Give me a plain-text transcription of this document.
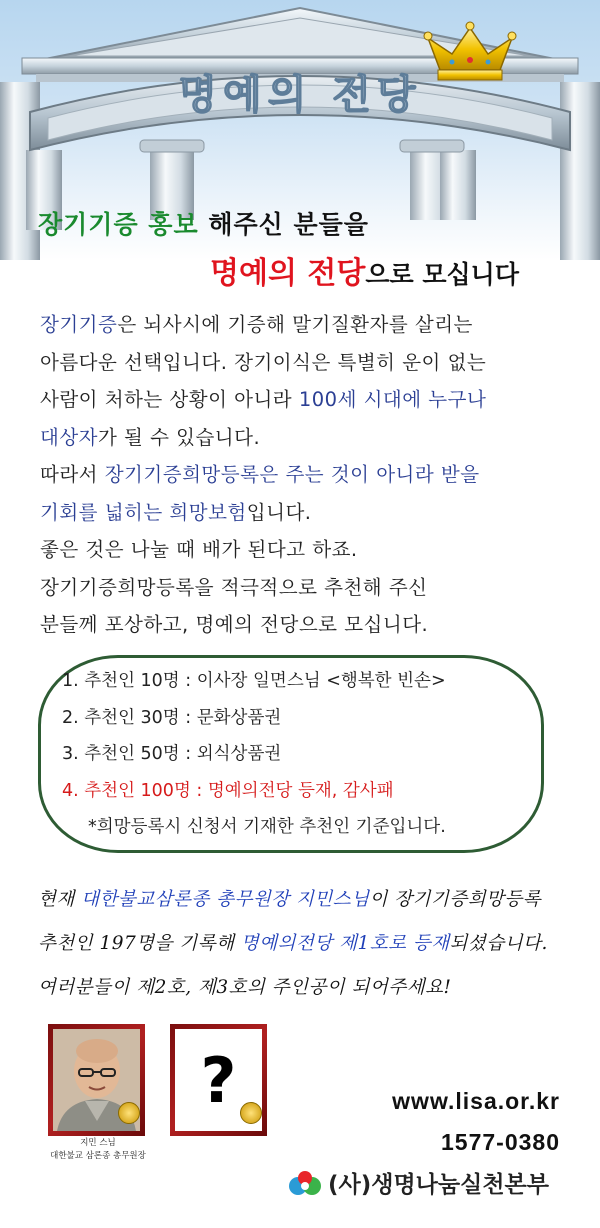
명예의 전당
장기기증 홍보 해주신 분들을
명예의 전당으로 모십니다
장기기증은 뇌사시에 기증해 말기질환자를 살리는
아름다운 선택입니다. 장기이식은 특별히 운이 없는
사람이 처하는 상황이 아니라 100세 시대에 누구나
대상자가 될 수 있습니다.
따라서 장기기증희망등록은 주는 것이 아니라 받을
기회를 넓히는 희망보험입니다.
좋은 것은 나눌 때 배가 된다고 하죠.
장기기증희망등록을 적극적으로 추천해 주신
분들께 포상하고, 명예의 전당으로 모십니다.
1. 추천인 10명 : 이사장 일면스님 <행복한 빈손>
2. 추천인 30명 : 문화상품권
3. 추천인 50명 : 외식상품권
4. 추천인 100명 : 명예의전당 등재, 감사패
*희망등록시 신청서 기재한 추천인 기준입니다.
현재 대한불교삼론종 총무원장 지민스님이 장기기증희망등록
추천인 197명을 기록해 명예의전당 제1호로 등재되셨습니다.
여러분들이 제2호, 제3호의 주인공이 되어주세요!
지민 스님
대한불교 삼론종 총무원장
?	www.lisa.or.kr
1577-0380
(사)생명나눔실천본부
